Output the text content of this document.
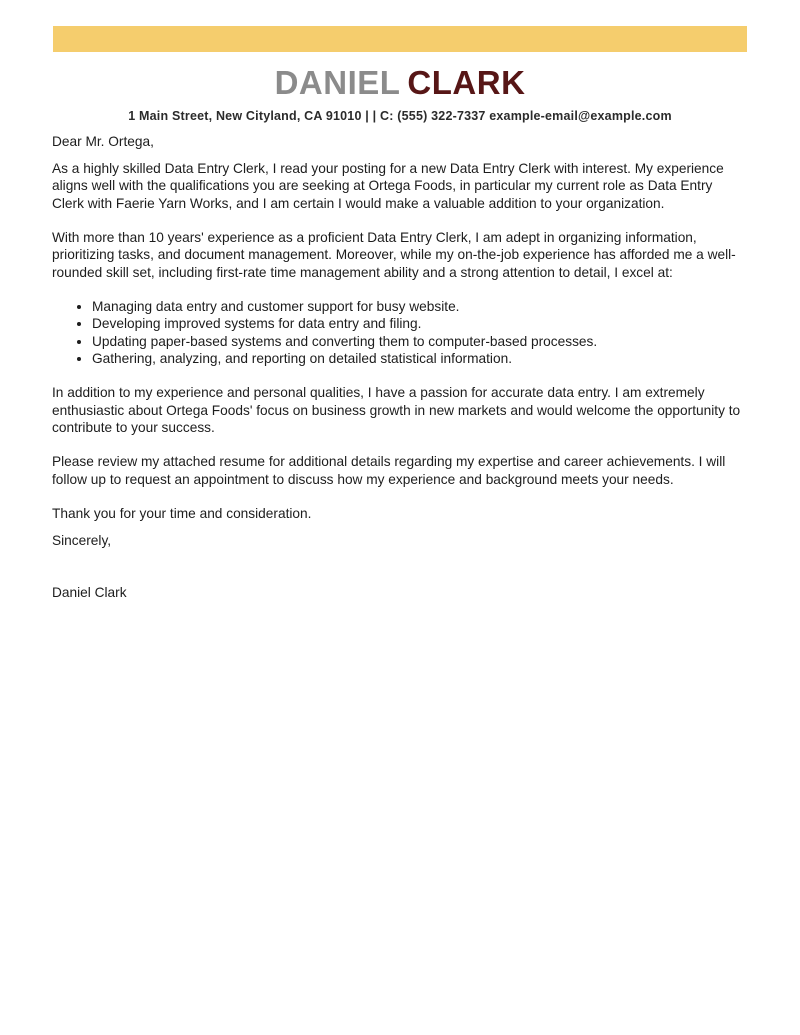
DANIEL CLARK
1 Main Street, New Cityland, CA 91010 | | C: (555) 322-7337 example-email@example.com

Dear Mr. Ortega,

As a highly skilled Data Entry Clerk, I read your posting for a new Data Entry Clerk with interest. My experience aligns well with the qualifications you are seeking at Ortega Foods, in particular my current role as Data Entry Clerk with Faerie Yarn Works, and I am certain I would make a valuable addition to your organization.

With more than 10 years' experience as a proficient Data Entry Clerk, I am adept in organizing information, prioritizing tasks, and document management. Moreover, while my on-the-job experience has afforded me a well-rounded skill set, including first-rate time management ability and a strong attention to detail, I excel at:

• Managing data entry and customer support for busy website.
• Developing improved systems for data entry and filing.
• Updating paper-based systems and converting them to computer-based processes.
• Gathering, analyzing, and reporting on detailed statistical information.

In addition to my experience and personal qualities, I have a passion for accurate data entry. I am extremely enthusiastic about Ortega Foods' focus on business growth in new markets and would welcome the opportunity to contribute to your success.

Please review my attached resume for additional details regarding my expertise and career achievements. I will follow up to request an appointment to discuss how my experience and background meets your needs.

Thank you for your time and consideration.

Sincerely,

Daniel Clark
